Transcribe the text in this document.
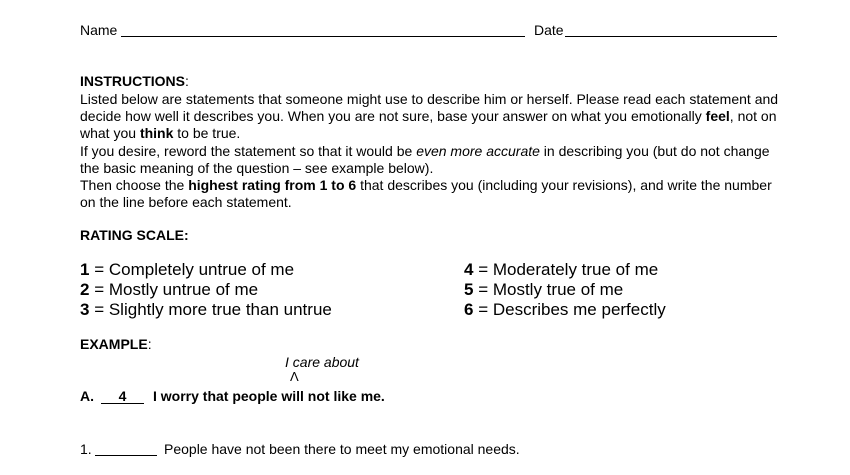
Name	Date
INSTRUCTIONS:
Listed below are statements that someone might use to describe him or herself. Please read each statement and
decide how well it describes you. When you are not sure, base your answer on what you emotionally feel, not on
what you think to be true.
If you desire, reword the statement so that it would be even more accurate in describing you (but do not change
the basic meaning of the question – see example below).
Then choose the highest rating from 1 to 6 that describes you (including your revisions), and write the number
on the line before each statement.
RATING SCALE:
1 = Completely untrue of me
2 = Mostly untrue of me
3 = Slightly more true than untrue
4 = Moderately true of me
5 = Mostly true of me
6 = Describes me perfectly
EXAMPLE:
I care about
Λ
A.	4	I worry that people will not like me.
1.	People have not been there to meet my emotional needs.
